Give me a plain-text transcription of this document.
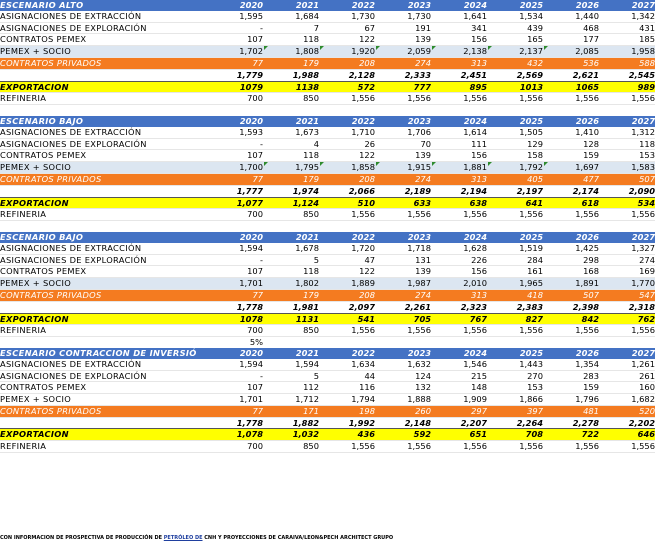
ESCENARIO ALTO	2020	2021	2022	2023	2024	2025	2026	2027
ASIGNACIONES DE EXTRACCIÓN	1,595	1,684	1,730	1,730	1,641	1,534	1,440	1,342
ASIGNACIONES DE EXPLORACIÓN	-	7	67	191	341	439	468	431
CONTRATOS PEMEX	107	118	122	139	156	165	177	185
PEMEX + SOCIO	1,702	1,808	1,920	2,059	2,138	2,137	2,085	1,958
CONTRATOS PRIVADOS	77	179	208	274	313	432	536	588
	1,779	1,988	2,128	2,333	2,451	2,569	2,621	2,545
EXPORTACION	1079	1138	572	777	895	1013	1065	989
REFINERIA	700	850	1,556	1,556	1,556	1,556	1,556	1,556

ESCENARIO BAJO	2020	2021	2022	2023	2024	2025	2026	2027
ASIGNACIONES DE EXTRACCIÓN	1,593	1,673	1,710	1,706	1,614	1,505	1,410	1,312
ASIGNACIONES DE EXPLORACIÓN	-	4	26	70	111	129	128	118
CONTRATOS PEMEX	107	118	122	139	156	158	159	153
PEMEX + SOCIO	1,700	1,795	1,858	1,915	1,881	1,792	1,697	1,583
CONTRATOS PRIVADOS	77	179	208	274	313	405	477	507
	1,777	1,974	2,066	2,189	2,194	2,197	2,174	2,090
EXPORTACION	1,077	1,124	510	633	638	641	618	534
REFINERIA	700	850	1,556	1,556	1,556	1,556	1,556	1,556

ESCENARIO BAJO	2020	2021	2022	2023	2024	2025	2026	2027
ASIGNACIONES DE EXTRACCIÓN	1,594	1,678	1,720	1,718	1,628	1,519	1,425	1,327
ASIGNACIONES DE EXPLORACIÓN	-	5	47	131	226	284	298	274
CONTRATOS PEMEX	107	118	122	139	156	161	168	169
PEMEX + SOCIO	1,701	1,802	1,889	1,987	2,010	1,965	1,891	1,770
CONTRATOS PRIVADOS	77	179	208	274	313	418	507	547
	1,778	1,981	2,097	2,261	2,323	2,383	2,398	2,318
EXPORTACION	1078	1131	541	705	767	827	842	762
REFINERIA	700	850	1,556	1,556	1,556	1,556	1,556	1,556
	5%							
ESCENARIO CONTRACCION DE INVERSIÓ	2020	2021	2022	2023	2024	2025	2026	2027
ASIGNACIONES DE EXTRACCIÓN	1,594	1,594	1,634	1,632	1,546	1,443	1,354	1,261
ASIGNACIONES DE EXPLORACIÓN	-	5	44	124	215	270	283	261
CONTRATOS PEMEX	107	112	116	132	148	153	159	160
PEMEX + SOCIO	1,701	1,712	1,794	1,888	1,909	1,866	1,796	1,682
CONTRATOS PRIVADOS	77	171	198	260	297	397	481	520
	1,778	1,882	1,992	2,148	2,207	2,264	2,278	2,202
EXPORTACION	1,078	1,032	436	592	651	708	722	646
REFINERIA	700	850	1,556	1,556	1,556	1,556	1,556	1,556
CON INFORMACION DE PROSPECTIVA DE PRODUCCIÓN DE PETRÓLEO DE CNH Y PROYECCIONES DE CARAIVA/LEON&PECH ARCHITECT GRUPO
